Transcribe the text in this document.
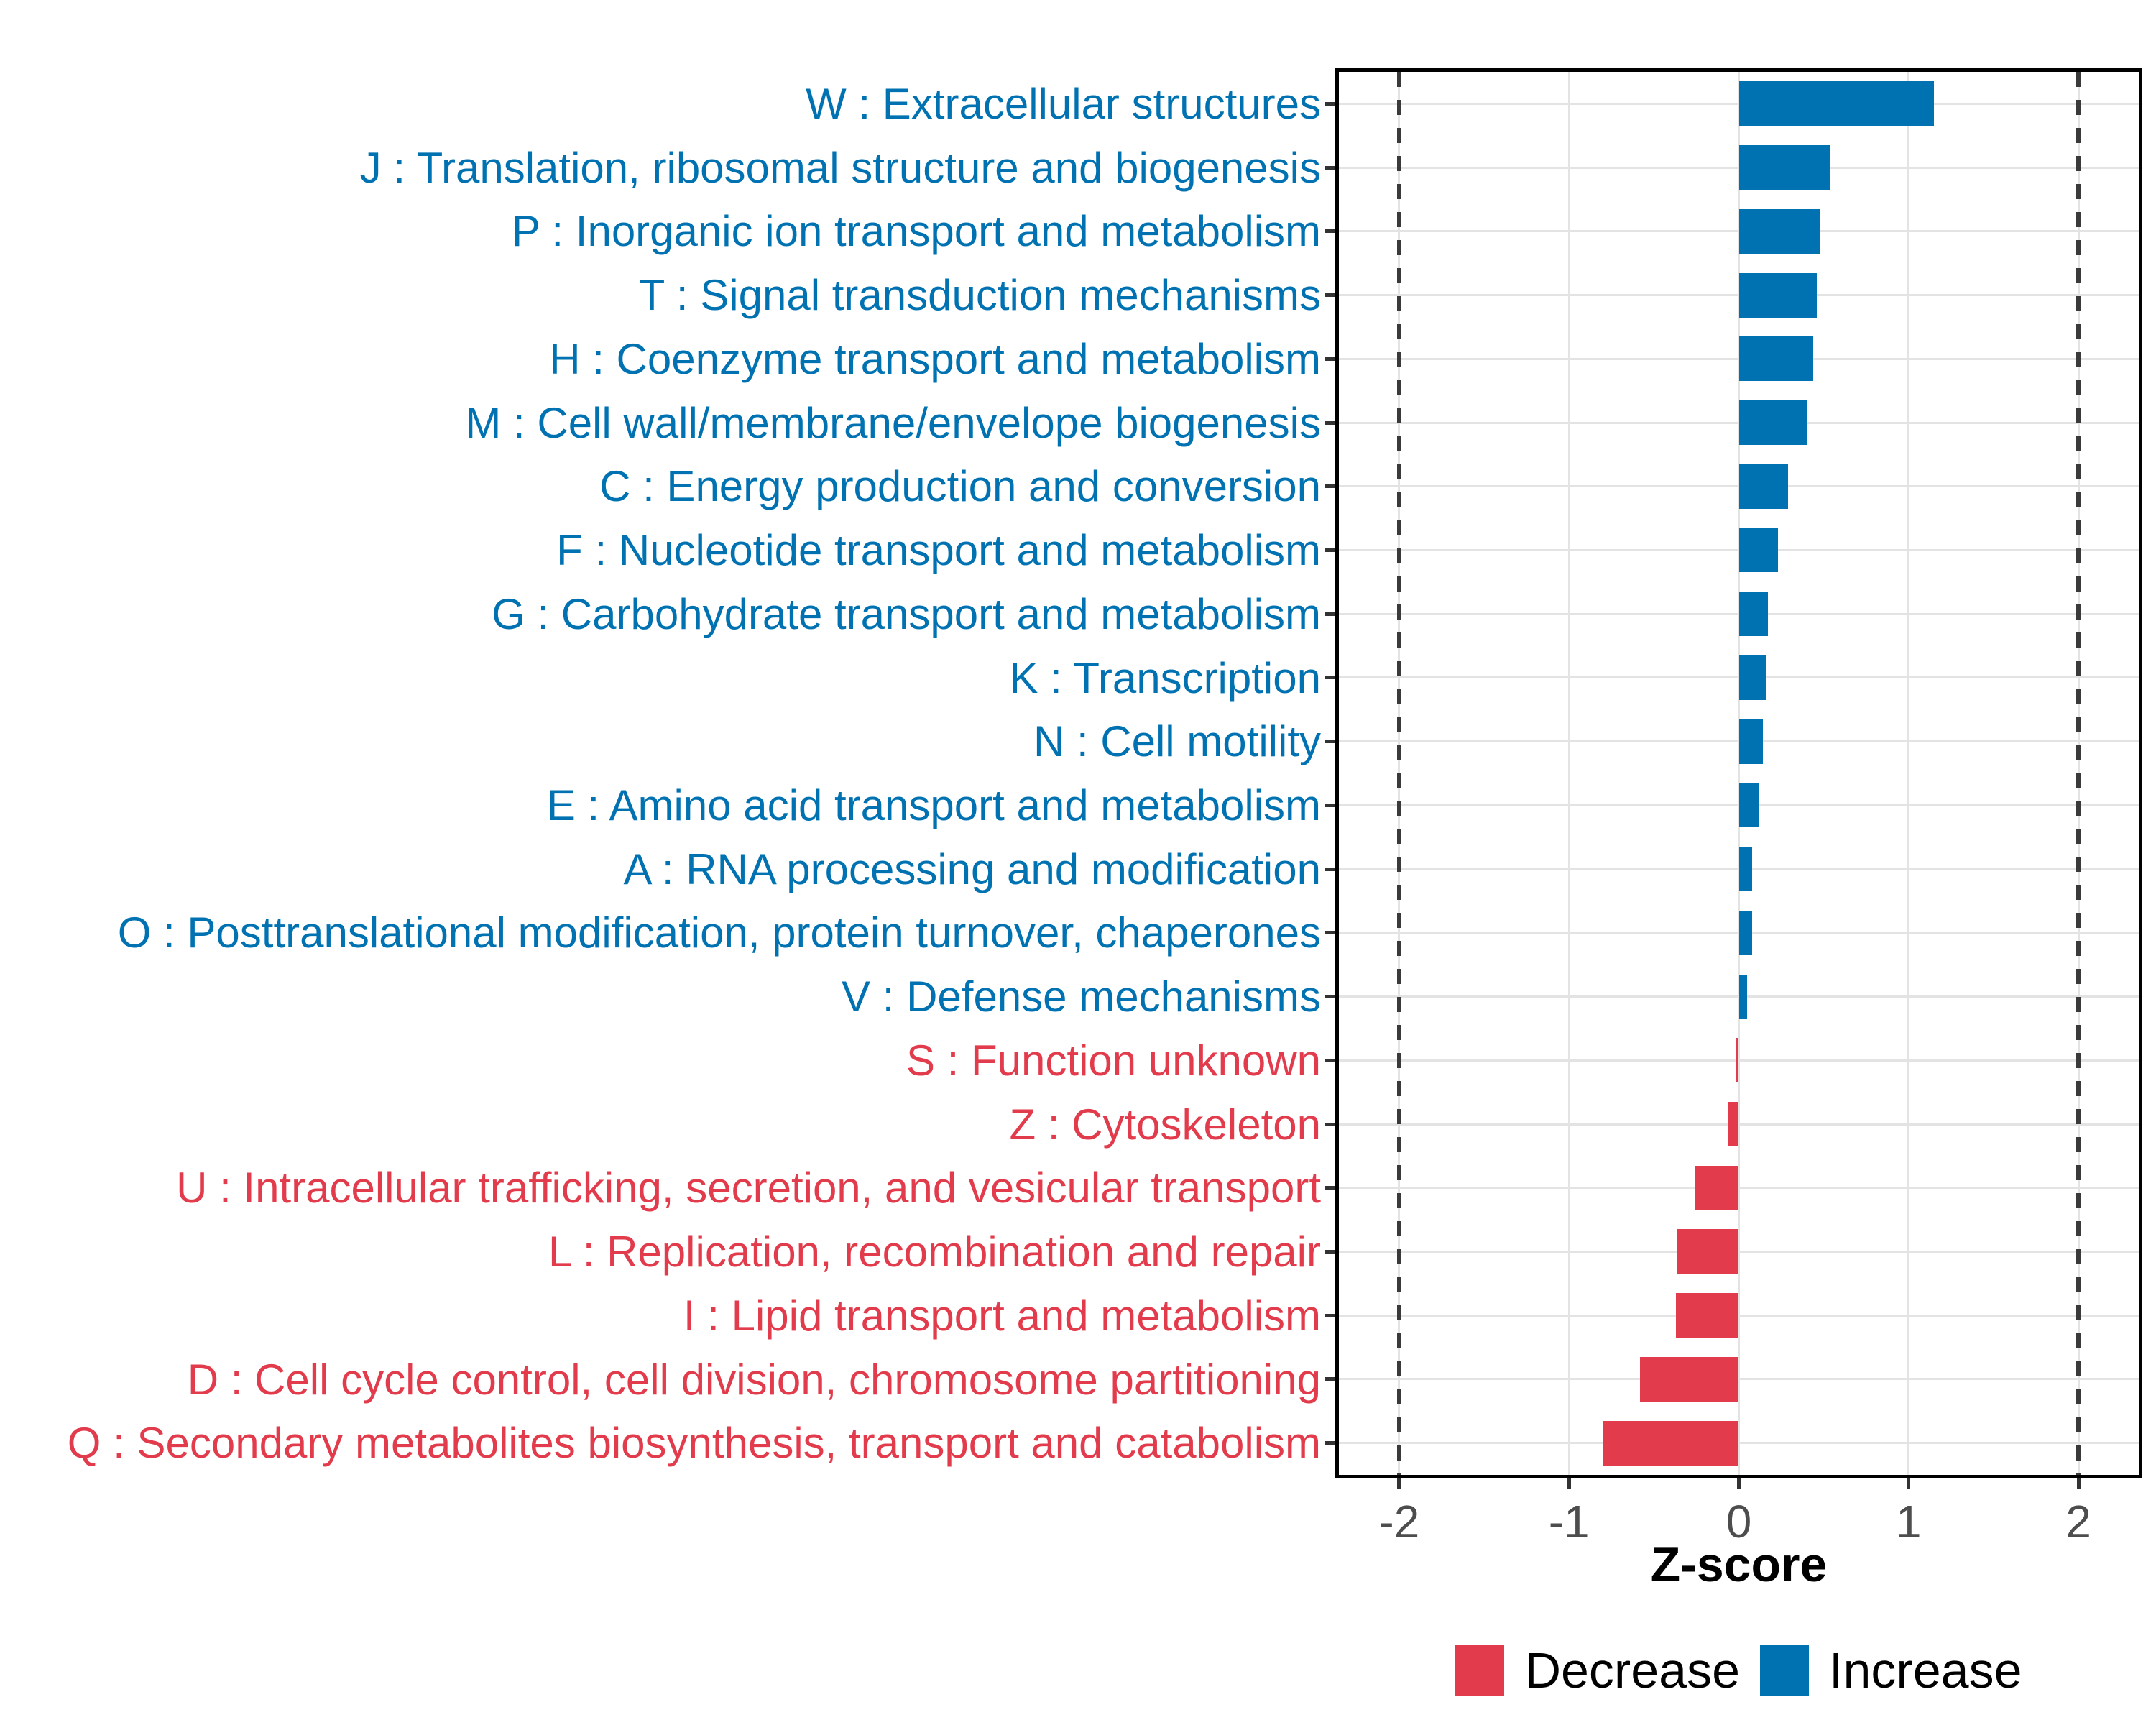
W : Extracellular structures
J : Translation, ribosomal structure and biogenesis
P : Inorganic ion transport and metabolism
T : Signal transduction mechanisms
H : Coenzyme transport and metabolism
M : Cell wall/membrane/envelope biogenesis
C : Energy production and conversion
F : Nucleotide transport and metabolism
G : Carbohydrate transport and metabolism
K : Transcription
N : Cell motility
E : Amino acid transport and metabolism
A : RNA processing and modification
O : Posttranslational modification, protein turnover, chaperones
V : Defense mechanisms
S : Function unknown
Z : Cytoskeleton
U : Intracellular trafficking, secretion, and vesicular transport
L : Replication, recombination and repair
I : Lipid transport and metabolism
D : Cell cycle control, cell division, chromosome partitioning
Q : Secondary metabolites biosynthesis, transport and catabolism
-2	-1	0	1	2
Z-score
Decrease Increase
